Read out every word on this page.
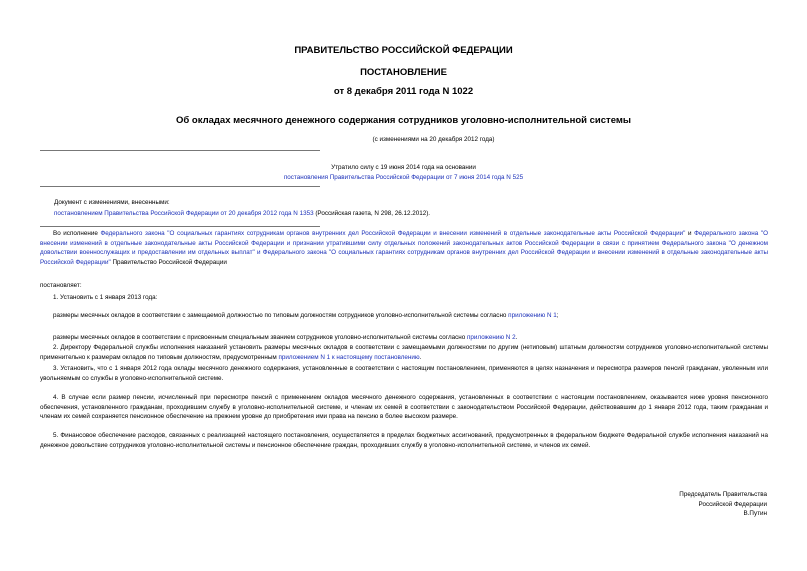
ПРАВИТЕЛЬСТВО РОССИЙСКОЙ ФЕДЕРАЦИИ
ПОСТАНОВЛЕНИЕ
от 8 декабря 2011 года N 1022
Об окладах месячного денежного содержания сотрудников уголовно-исполнительной системы
(с изменениями на 20 декабря 2012 года)
Утратило силу с 19 июня 2014 года на основании
постановления Правительства Российской Федерации от 7 июня 2014 года N 525
Документ с изменениями, внесенными:
постановлением Правительства Российской Федерации от 20 декабря 2012 года N 1353 (Российская газета, N 298, 26.12.2012).
Во исполнение Федерального закона "О социальных гарантиях сотрудникам органов внутренних дел Российской Федерации и внесении изменений в отдельные законодательные акты Российской Федерации" и Федерального закона "О внесении изменений в отдельные законодательные акты Российской Федерации и признании утратившими силу отдельных положений законодательных актов Российской Федерации в связи с принятием Федерального закона "О денежном довольствии военнослужащих и предоставлении им отдельных выплат" и Федерального закона "О социальных гарантиях сотрудникам органов внутренних дел Российской Федерации и внесении изменений в отдельные законодательные акты Российской Федерации" Правительство Российской Федерации
постановляет:
1. Установить с 1 января 2013 года:
размеры месячных окладов в соответствии с замещаемой должностью по типовым должностям сотрудников уголовно-исполнительной системы согласно приложению N 1;
размеры месячных окладов в соответствии с присвоенным специальным званием сотрудников уголовно-исполнительной системы согласно приложению N 2.
2. Директору Федеральной службы исполнения наказаний установить размеры месячных окладов в соответствии с замещаемыми должностями по другим (нетиповым) штатным должностям сотрудников уголовно-исполнительной системы применительно к размерам окладов по типовым должностям, предусмотренным приложением N 1 к настоящему постановлению.
3. Установить, что с 1 января 2012 года оклады месячного денежного содержания, установленные в соответствии с настоящим постановлением, применяются в целях назначения и пересмотра размеров пенсий гражданам, уволенным или увольняемым со службы в уголовно-исполнительной системе.
4. В случае если размер пенсии, исчисленный при пересмотре пенсий с применением окладов месячного денежного содержания, установленных в соответствии с настоящим постановлением, оказывается ниже уровня пенсионного обеспечения, установленного гражданам, проходившим службу в уголовно-исполнительной системе, и членам их семей в соответствии с законодательством Российской Федерации, действовавшим до 1 января 2012 года, таким гражданам и членам их семей сохраняется пенсионное обеспечение на прежнем уровне до приобретения ими права на пенсию в более высоком размере.
5. Финансовое обеспечение расходов, связанных с реализацией настоящего постановления, осуществляется в пределах бюджетных ассигнований, предусмотренных в федеральном бюджете Федеральной службе исполнения наказаний на денежное довольствие сотрудников уголовно-исполнительной системы и пенсионное обеспечение граждан, проходивших службу в уголовно-исполнительной системе, и членов их семей.
Председатель Правительства
Российской Федерации
В.Путин
